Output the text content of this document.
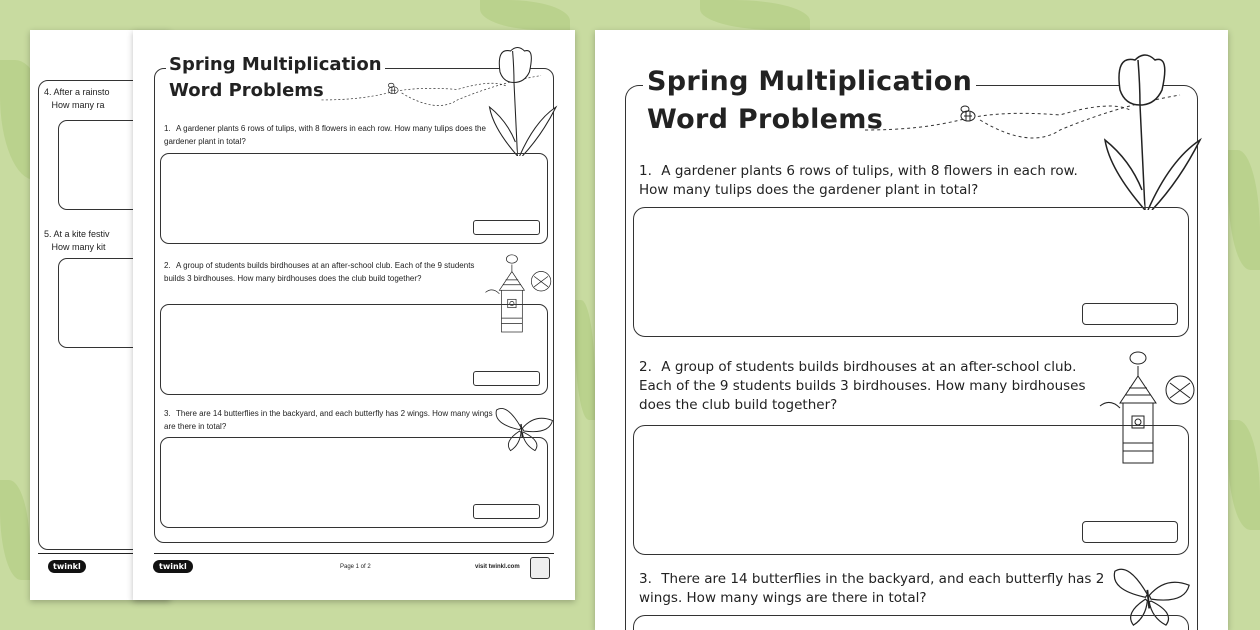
4. After a rainsto
How many ra
5. At a kite festiv
How many kit
twinkl
Spring Multiplication
Word Problems
1. A gardener plants 6 rows of tulips, with 8 flowers in each row. How many tulips does the gardener plant in total?
2. A group of students builds birdhouses at an after-school club. Each of the 9 students builds 3 birdhouses. How many birdhouses does the club build together?
3. There are 14 butterflies in the backyard, and each butterfly has 2 wings. How many wings are there in total?
twinkl	Page 1 of 2	visit twinkl.com
Spring Multiplication
Word Problems
1. A gardener plants 6 rows of tulips, with 8 flowers in each row. How many tulips does the gardener plant in total?
2. A group of students builds birdhouses at an after-school club. Each of the 9 students builds 3 birdhouses. How many birdhouses does the club build together?
3. There are 14 butterflies in the backyard, and each butterfly has 2 wings. How many wings are there in total?
